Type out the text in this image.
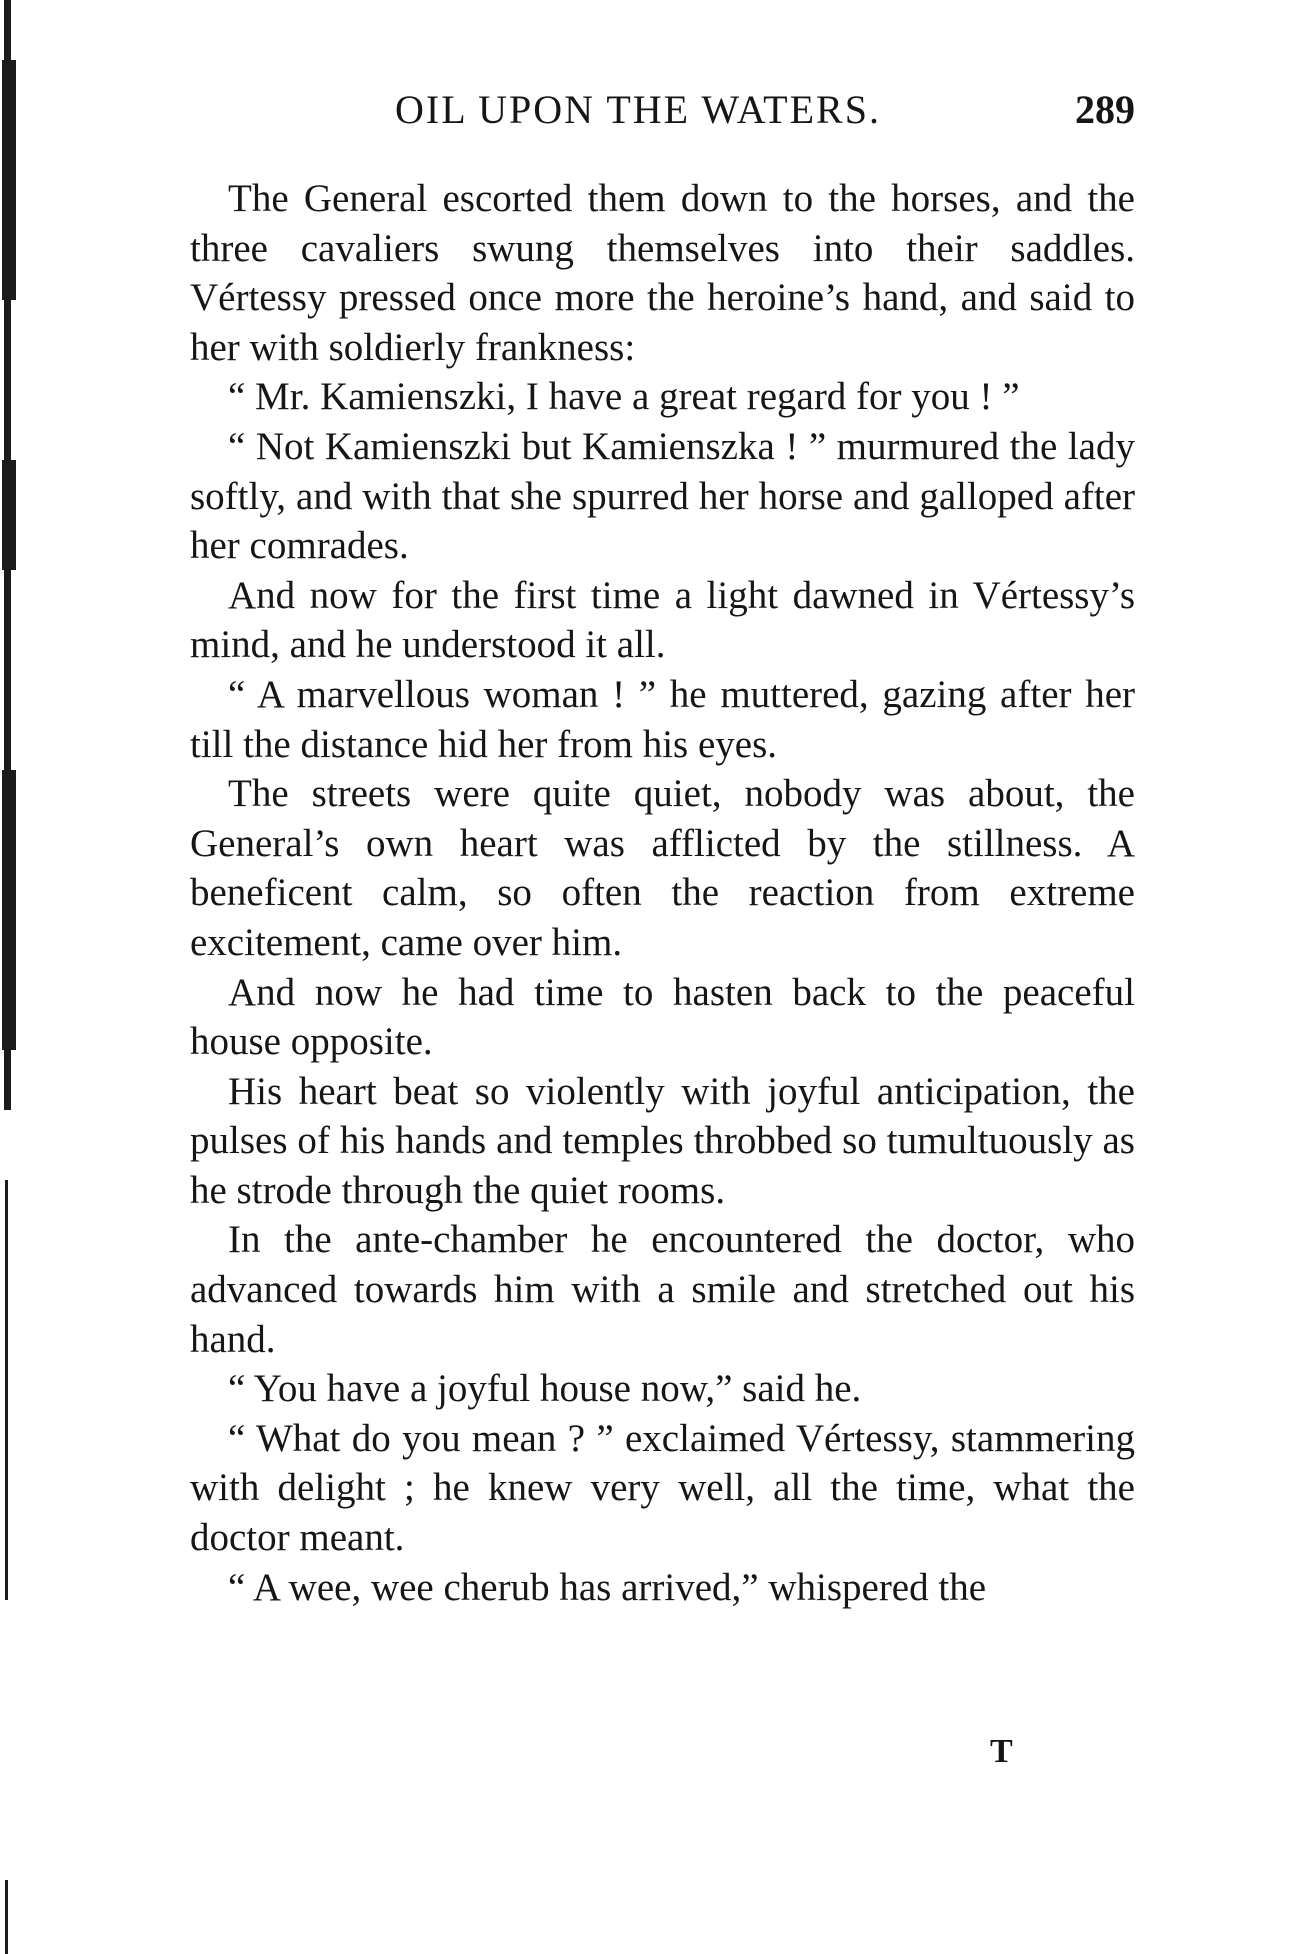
OIL UPON THE WATERS.	289

The General escorted them down to the horses, and the three cavaliers swung themselves into their saddles. Vértessy pressed once more the heroine’s hand, and said to her with soldierly frankness:

“ Mr. Kamienszki, I have a great regard for you ! ”

“ Not Kamienszki but Kamienszka ! ” murmured the lady softly, and with that she spurred her horse and galloped after her comrades.

And now for the first time a light dawned in Vértessy’s mind, and he understood it all.

“ A marvellous woman ! ” he muttered, gazing after her till the distance hid her from his eyes.

The streets were quite quiet, nobody was about, the General’s own heart was afflicted by the stillness. A beneficent calm, so often the reaction from extreme excitement, came over him.

And now he had time to hasten back to the peaceful house opposite.

His heart beat so violently with joyful anticipation, the pulses of his hands and temples throbbed so tumultuously as he strode through the quiet rooms.

In the ante-chamber he encountered the doctor, who advanced towards him with a smile and stretched out his hand.

“ You have a joyful house now,” said he.

“ What do you mean ? ” exclaimed Vértessy, stammering with delight ; he knew very well, all the time, what the doctor meant.

“ A wee, wee cherub has arrived,” whispered the

T
